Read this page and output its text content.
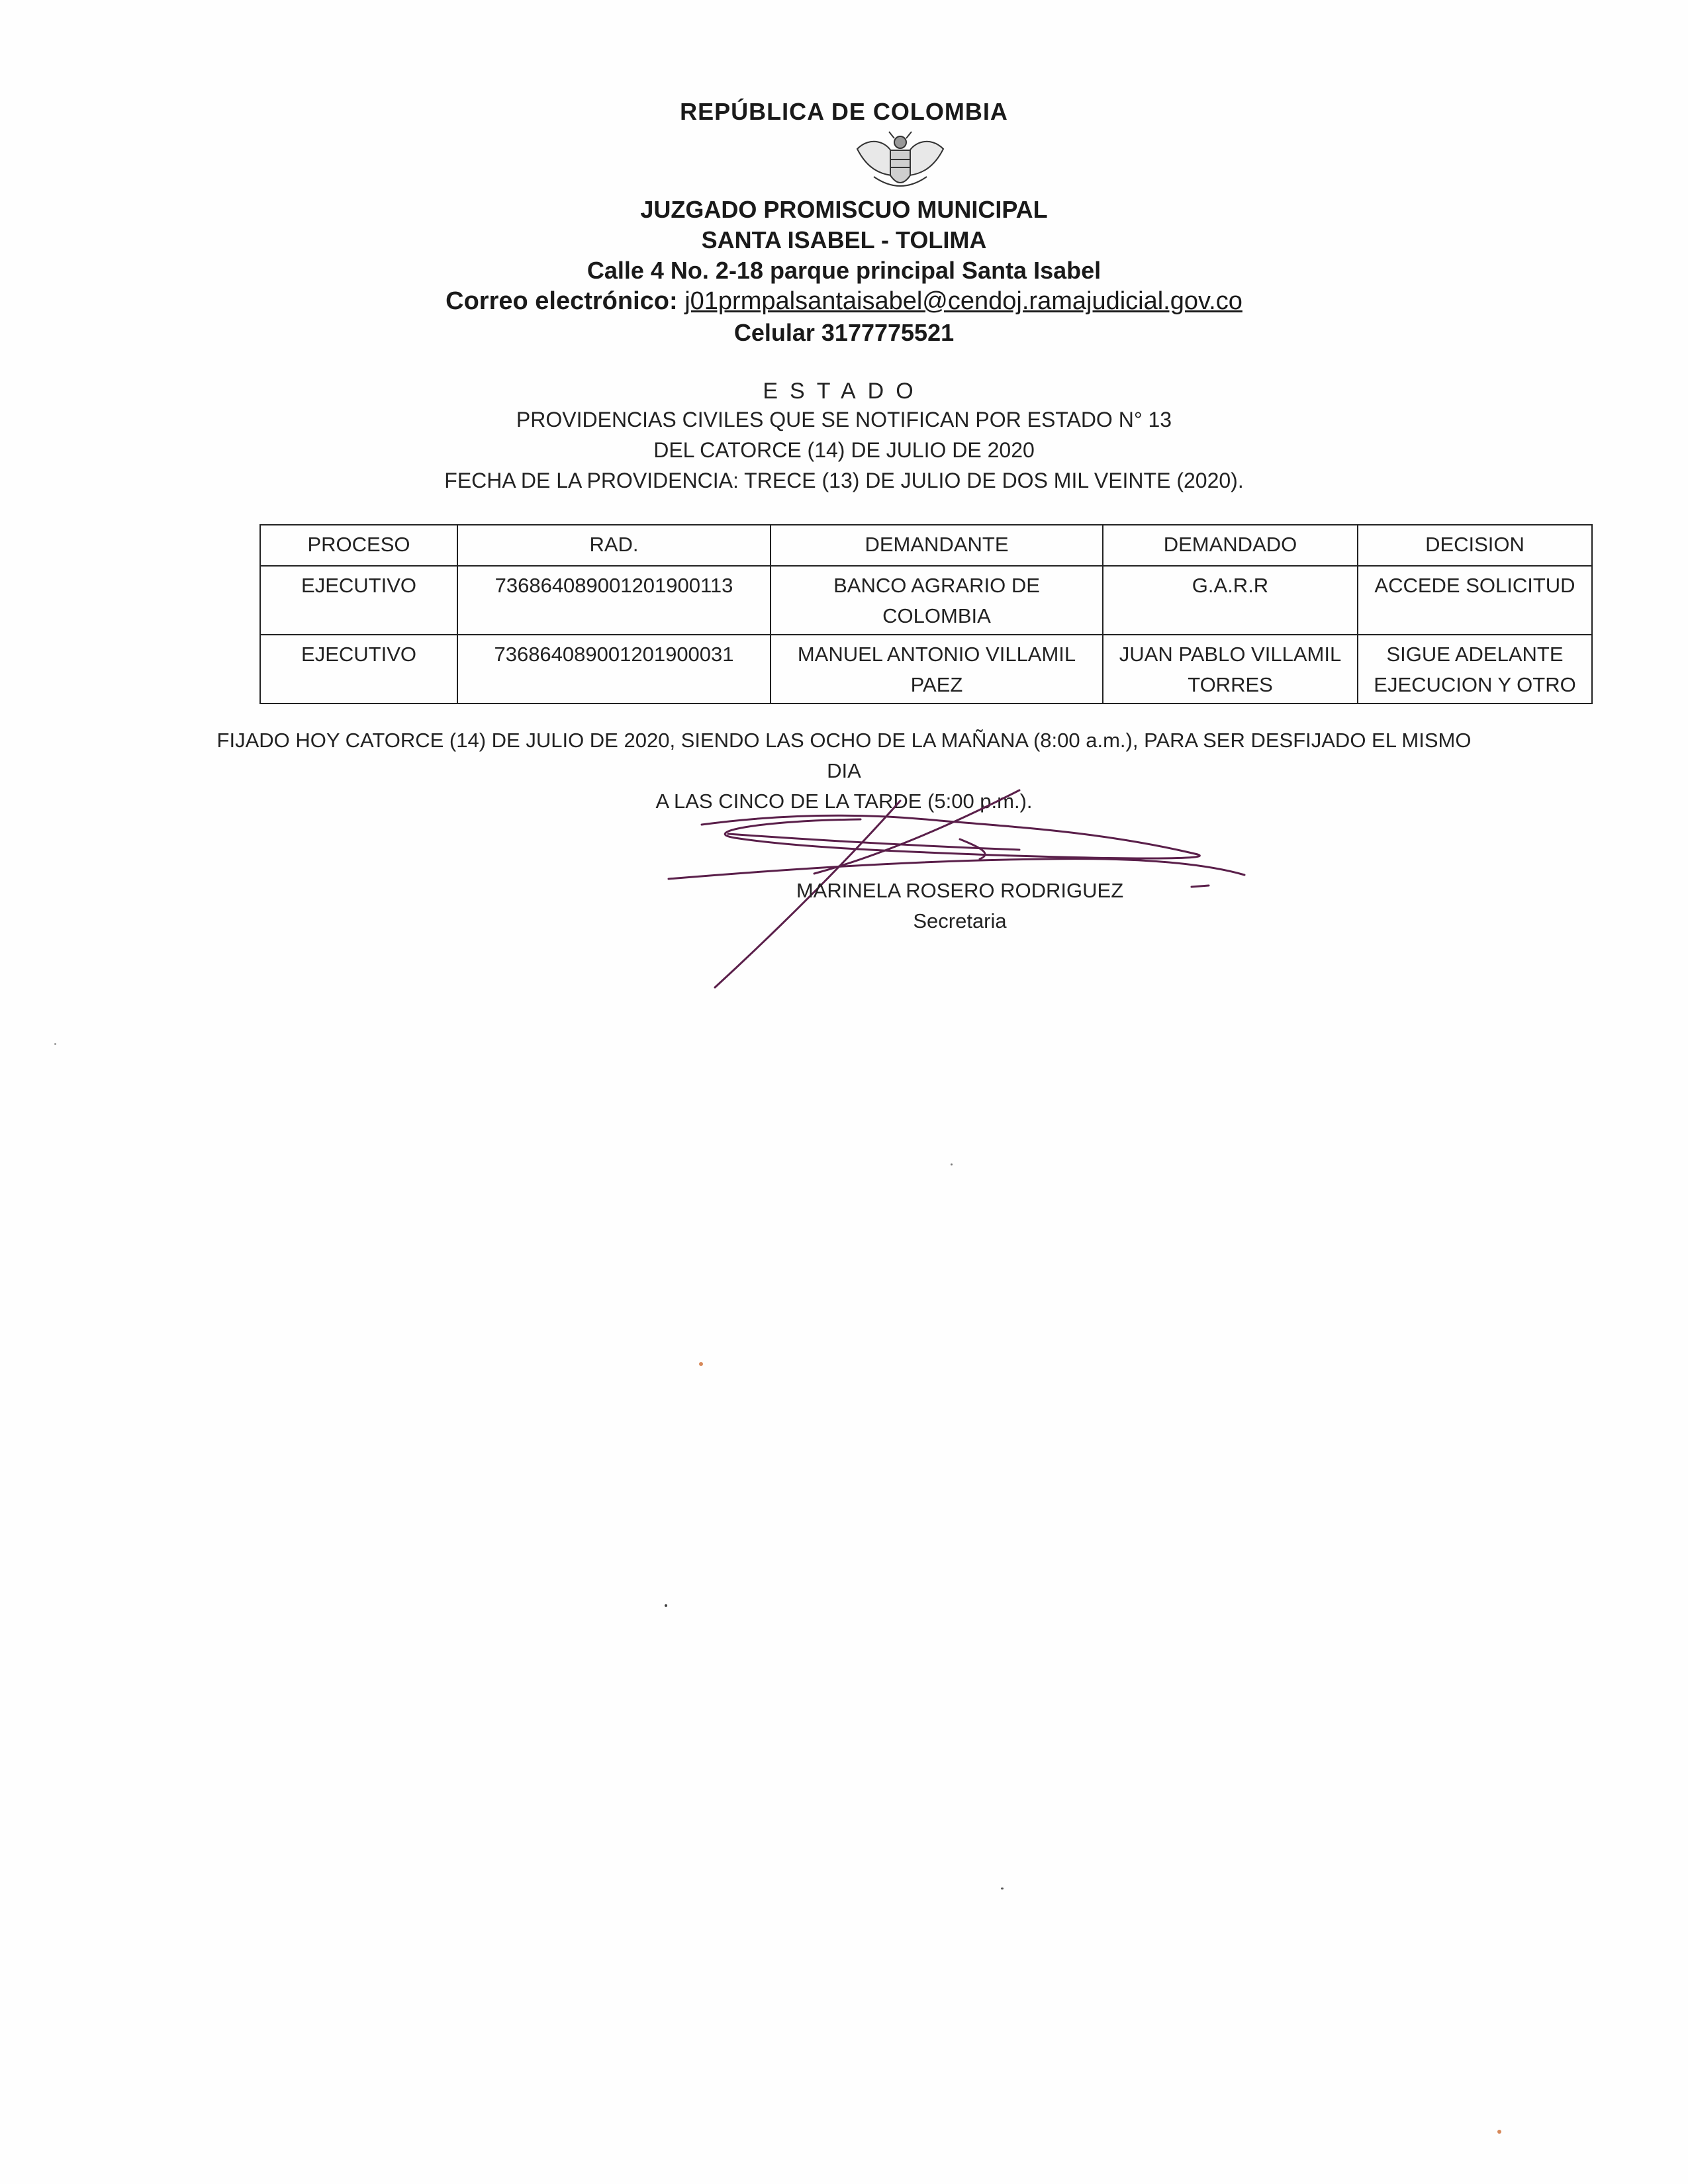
REPÚBLICA DE COLOMBIA
JUZGADO PROMISCUO MUNICIPAL
SANTA ISABEL - TOLIMA
Calle 4 No. 2-18 parque principal Santa Isabel
Correo electrónico: j01prmpalsantaisabel@cendoj.ramajudicial.gov.co
Celular 3177775521
ESTADO
PROVIDENCIAS CIVILES QUE SE NOTIFICAN POR ESTADO N° 13
DEL CATORCE (14) DE JULIO DE 2020
FECHA DE LA PROVIDENCIA: TRECE (13) DE JULIO DE DOS MIL VEINTE (2020).
PROCESO	RAD.	DEMANDANTE	DEMANDADO	DECISION
EJECUTIVO	736864089001201900113	BANCO AGRARIO DE COLOMBIA	G.A.R.R	ACCEDE SOLICITUD
EJECUTIVO	736864089001201900031	MANUEL ANTONIO VILLAMIL PAEZ	JUAN PABLO VILLAMIL TORRES	SIGUE ADELANTE EJECUCION Y OTRO
FIJADO HOY CATORCE (14) DE JULIO DE 2020, SIENDO LAS OCHO DE LA MAÑANA (8:00 a.m.), PARA SER DESFIJADO EL MISMO DIA
A LAS CINCO DE LA TARDE (5:00 p.m.).
MARINELA ROSERO RODRIGUEZ
Secretaria
